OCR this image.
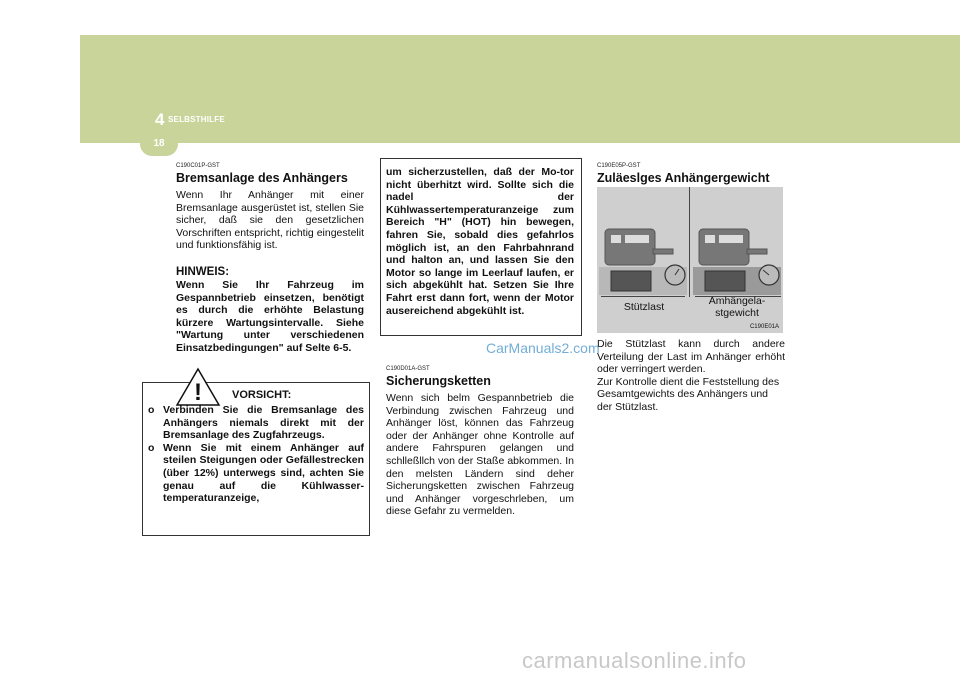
4 SELBSTHILFE
18
C190C01P-GST
Bremsanlage des Anhängers

Wenn Ihr Anhänger mit einer Bremsanlage ausgerüstet ist, stellen Sie sicher, daß sie den gesetzlichen Vorschriften entspricht, richtig eingestelit und funktionsfähig ist.

HINWEIS:

Wenn Sie Ihr Fahrzeug im Gespannbetrieb einsetzen, benötigt es durch die erhöhte Belastung kürzere Wartungsintervalle. Siehe "Wartung unter verschiedenen Einsatzbedingungen" auf Selte 6-5.

!	VORSICHT:
o Verbinden Sie die Bremsanlage des Anhängers niemals direkt mit der Bremsanlage des Zugfahrzeugs.
o Wenn Sie mit einem Anhänger auf steilen Steigungen oder Gefällestrecken (über 12%) unterwegs sind, achten Sie genau auf die Kühlwasser-temperaturanzeige,

um sicherzustellen, daß der Mo-tor nicht überhitzt wird. Sollte sich die nadel der Kühlwassertemperaturanzeige zum Bereich "H" (HOT) hin bewegen, fahren Sie, sobald dies gefahrlos möglich ist, an den Fahrbahnrand und halton an, und lassen Sie den Motor so lange im Leerlauf laufen, er sich abgekühlt hat. Setzen Sie Ihre Fahrt erst dann fort, wenn der Motor ausereichend abgekühlt ist.

C190D01A-GST
Sicherungsketten

Wenn sich belm Gespannbetrieb die Verbindung zwischen Fahrzeug und Anhänger löst, können das Fahrzeug oder der Anhänger ohne Kontrolle auf andere Fahrspuren gelangen und schlleßllch von der Staße abkommen. In den melsten Ländern sind deher Sicherungsketten zwischen Fahrzeug und Anhänger vorgeschrleben, um diese Gefahr zu vermelden.

C190E05P-GST
Zuläeslges Anhängergewicht
Stützlast	Amhängela-
stgewicht
C190E01A

Die Stützlast kann durch andere Verteilung der Last im Anhänger erhöht oder verringert werden.

Zur Kontrolle dient die Feststellung des Gesamtgewichts des Anhängers und der Stützlast.

CarManuals2.com
carmanualsonline.info
